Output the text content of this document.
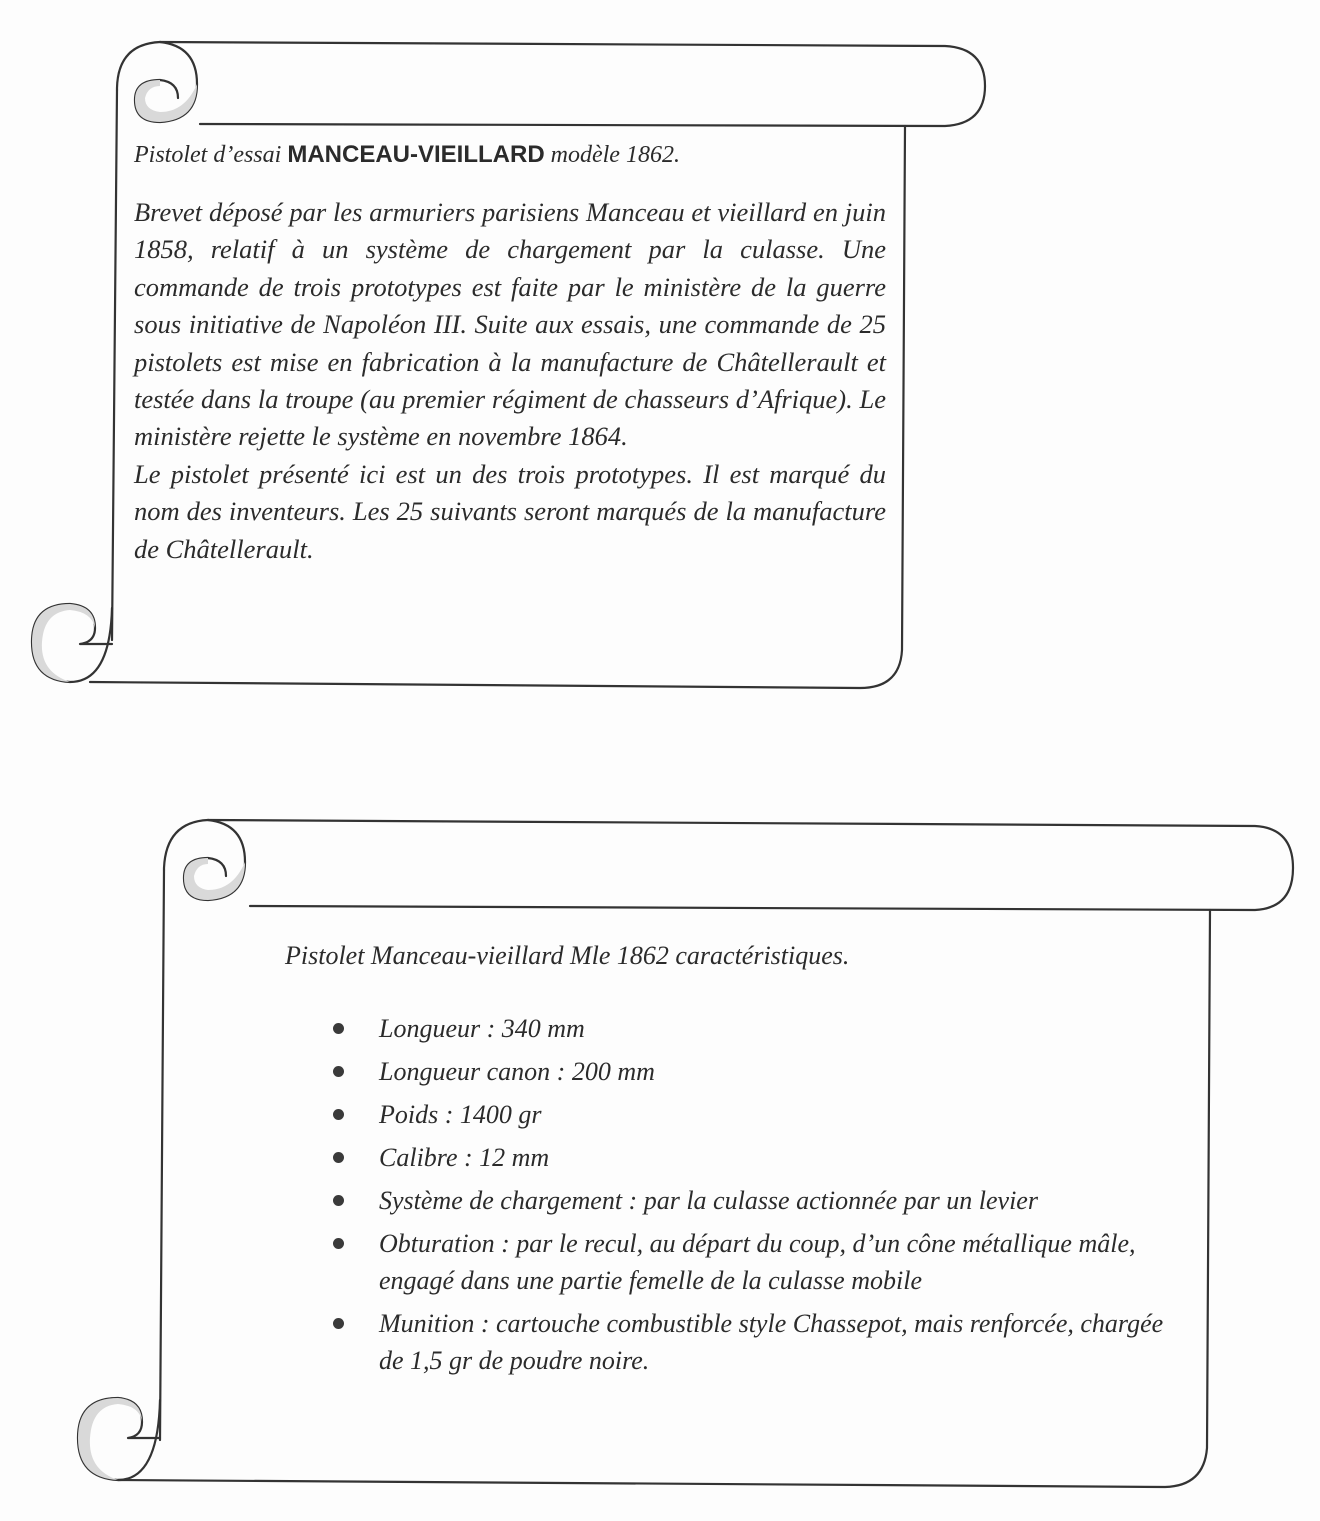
Pistolet d’essai MANCEAU-VIEILLARD modèle 1862.

Brevet déposé par les armuriers parisiens Manceau et vieillard en juin 1858, relatif à un système de chargement par la culasse. Une commande de trois prototypes est faite par le ministère de la guerre sous initiative de Napoléon III. Suite aux essais, une commande de 25 pistolets est mise en fabrication à la manufacture de Châtellerault et testée dans la troupe (au premier régiment de chasseurs d’Afrique). Le ministère rejette le système en novembre 1864.

Le pistolet présenté ici est un des trois prototypes. Il est marqué du nom des inventeurs. Les 25 suivants seront marqués de la manufacture de Châtellerault.

Pistolet Manceau-vieillard Mle 1862 caractéristiques.
Longueur : 340 mm
Longueur canon : 200 mm
Poids : 1400 gr
Calibre : 12 mm
Système de chargement : par la culasse actionnée par un levier
Obturation : par le recul, au départ du coup, d’un cône métallique mâle, engagé dans une partie femelle de la culasse mobile
Munition : cartouche combustible style Chassepot, mais renforcée, chargée de 1,5 gr de poudre noire.
